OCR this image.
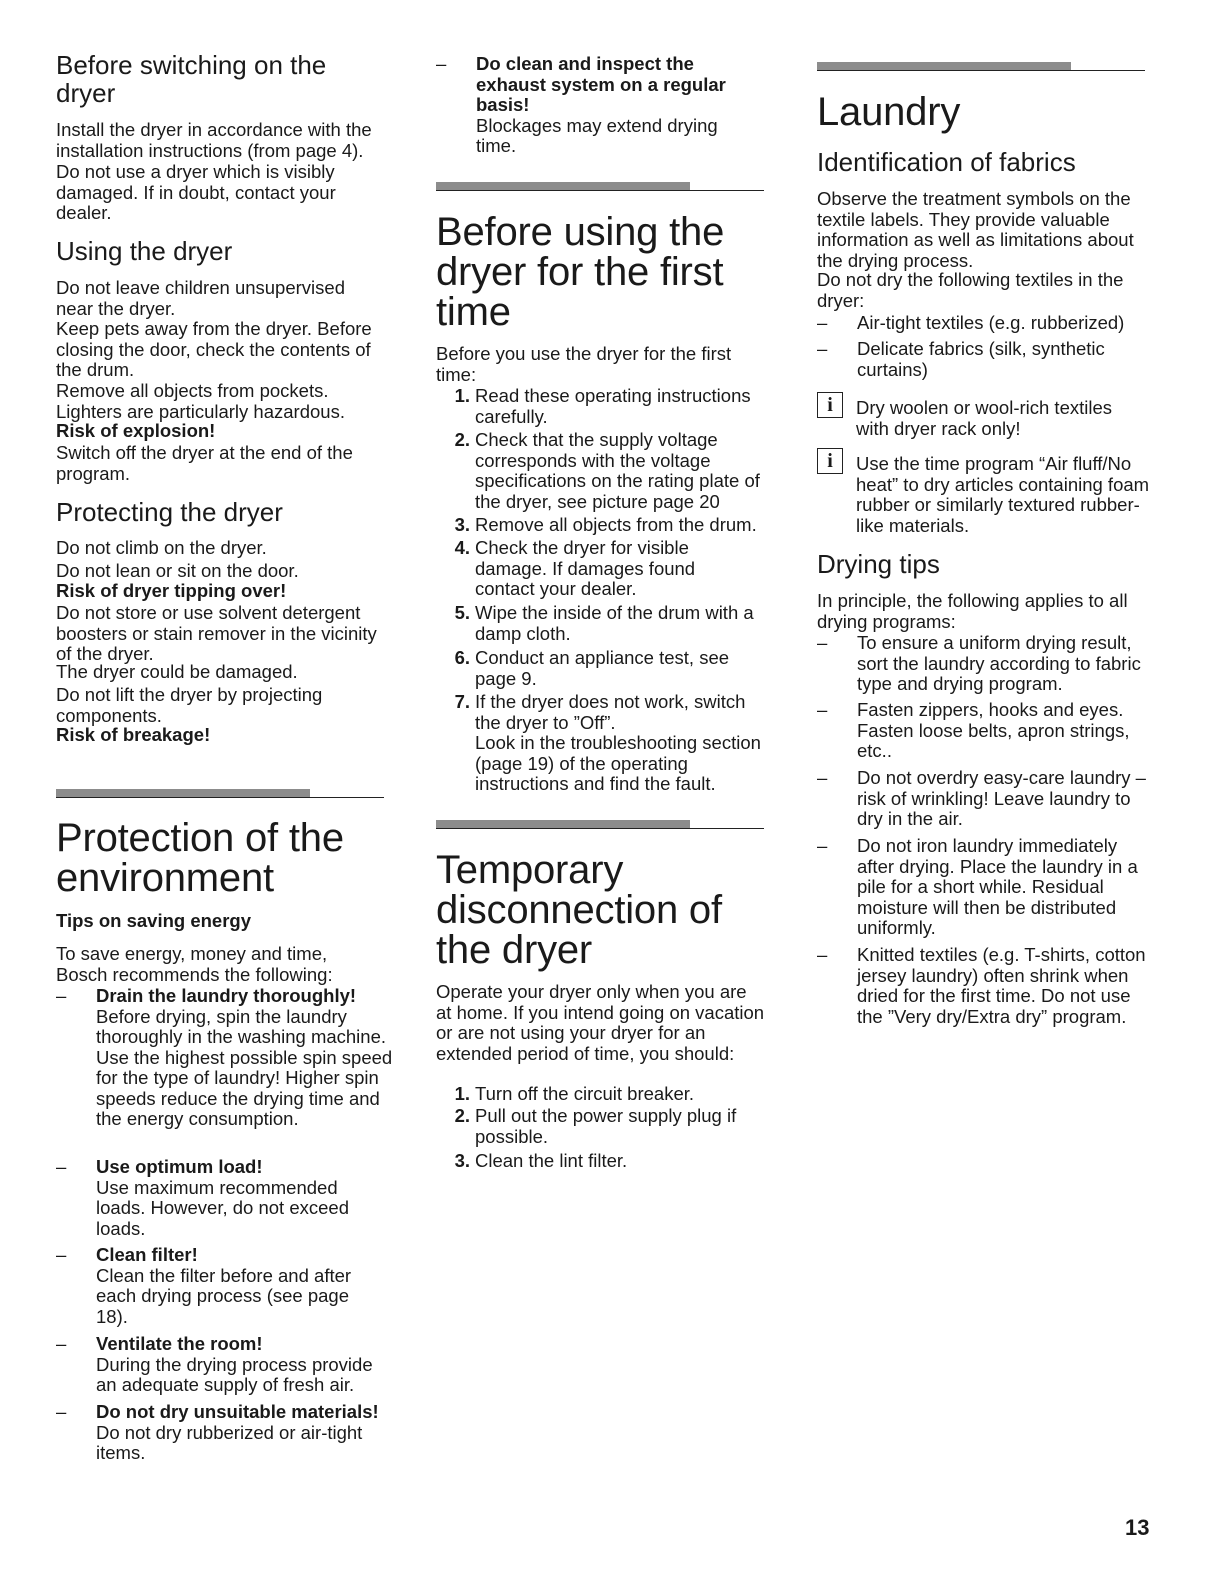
Before switching on the dryer

Install the dryer in accordance with the installation instructions (from page 4).

Do not use a dryer which is visibly damaged. If in doubt, contact your dealer.

Using the dryer

Do not leave children unsupervised near the dryer.

Keep pets away from the dryer. Before closing the door, check the contents of the drum.

Remove all objects from pockets. Lighters are particularly hazardous.

Risk of explosion!

Switch off the dryer at the end of the program.

Protecting the dryer

Do not climb on the dryer.

Do not lean or sit on the door.

Risk of dryer tipping over!

Do not store or use solvent detergent boosters or stain remover in the vicinity of the dryer.

The dryer could be damaged.

Do not lift the dryer by projecting components.

Risk of breakage!

Protection of the environment
Tips on saving energy

To save energy, money and time, Bosch recommends the following:

– Drain the laundry thoroughly!

Before drying, spin the laundry thoroughly in the washing machine. Use the highest possible spin speed for the type of laundry! Higher spin speeds reduce the drying time and the energy consumption.

– Use optimum load!

Use maximum recommended loads. However, do not exceed loads.

– Clean filter!

Clean the filter before and after each drying process (see page 18).

– Ventilate the room!

During the drying process provide an adequate supply of fresh air.

– Do not dry unsuitable materials!

Do not dry rubberized or air-tight items.

– Do clean and inspect the exhaust system on a regular basis!

Blockages may extend drying time.

Before using the dryer for the first time

Before you use the dryer for the first time:

1. Read these operating instructions carefully.

2. Check that the supply voltage corresponds with the voltage specifications on the rating plate of the dryer, see picture page 20

3. Remove all objects from the drum.

4. Check the dryer for visible damage. If damages found contact your dealer.

5. Wipe the inside of the drum with a damp cloth.

6. Conduct an appliance test, see page 9.

7. If the dryer does not work, switch the dryer to ”Off”.

Look in the troubleshooting section (page 19) of the operating instructions and find the fault.

Temporary disconnection of the dryer

Operate your dryer only when you are at home. If you intend going on vacation or are not using your dryer for an extended period of time, you should:

1. Turn off the circuit breaker.

2. Pull out the power supply plug if possible.

3. Clean the lint filter.

Laundry
Identification of fabrics

Observe the treatment symbols on the textile labels. They provide valuable information as well as limitations about the drying process.

Do not dry the following textiles in the dryer:

– Air-tight textiles (e.g. rubberized)

– Delicate fabrics (silk, synthetic curtains)

i	Dry woolen or wool-rich textiles with dryer rack only!

i	Use the time program “Air fluff/No heat” to dry articles containing foam rubber or similarly textured rubber-like materials.

Drying tips

In principle, the following applies to all drying programs:

– To ensure a uniform drying result, sort the laundry according to fabric type and drying program.

– Fasten zippers, hooks and eyes. Fasten loose belts, apron strings, etc..

– Do not overdry easy-care laundry – risk of wrinkling! Leave laundry to dry in the air.

– Do not iron laundry immediately after drying. Place the laundry in a pile for a short while. Residual moisture will then be distributed uniformly.

– Knitted textiles (e.g. T-shirts, cotton jersey laundry) often shrink when dried for the first time. Do not use the ”Very dry/Extra dry” program.

13
